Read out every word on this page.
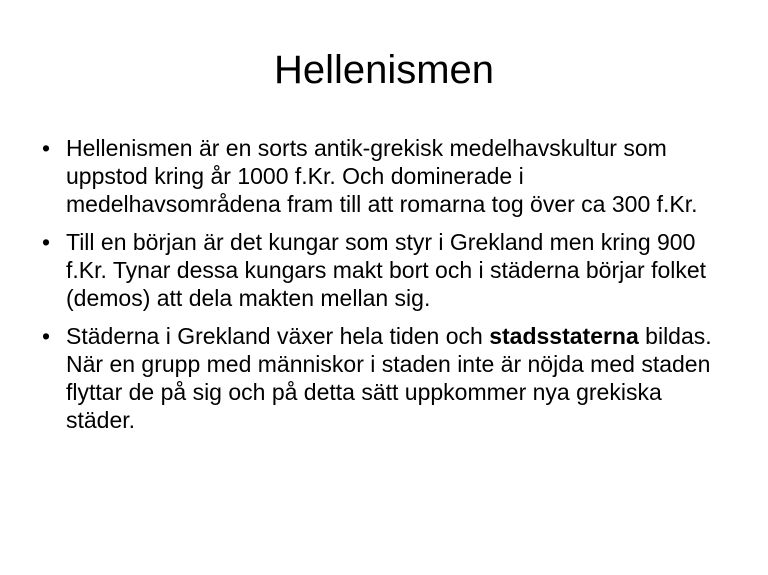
Hellenismen
• Hellenismen är en sorts antik-grekisk medelhavskultur som uppstod kring år 1000 f.Kr. Och dominerade i medelhavsområdena fram till att romarna tog över ca 300 f.Kr.
• Till en början är det kungar som styr i Grekland men kring 900 f.Kr. Tynar dessa kungars makt bort och i städerna börjar folket (demos) att dela makten mellan sig.
• Städerna i Grekland växer hela tiden och stadsstaterna bildas. När en grupp med människor i staden inte är nöjda med staden flyttar de på sig och på detta sätt uppkommer nya grekiska städer.
